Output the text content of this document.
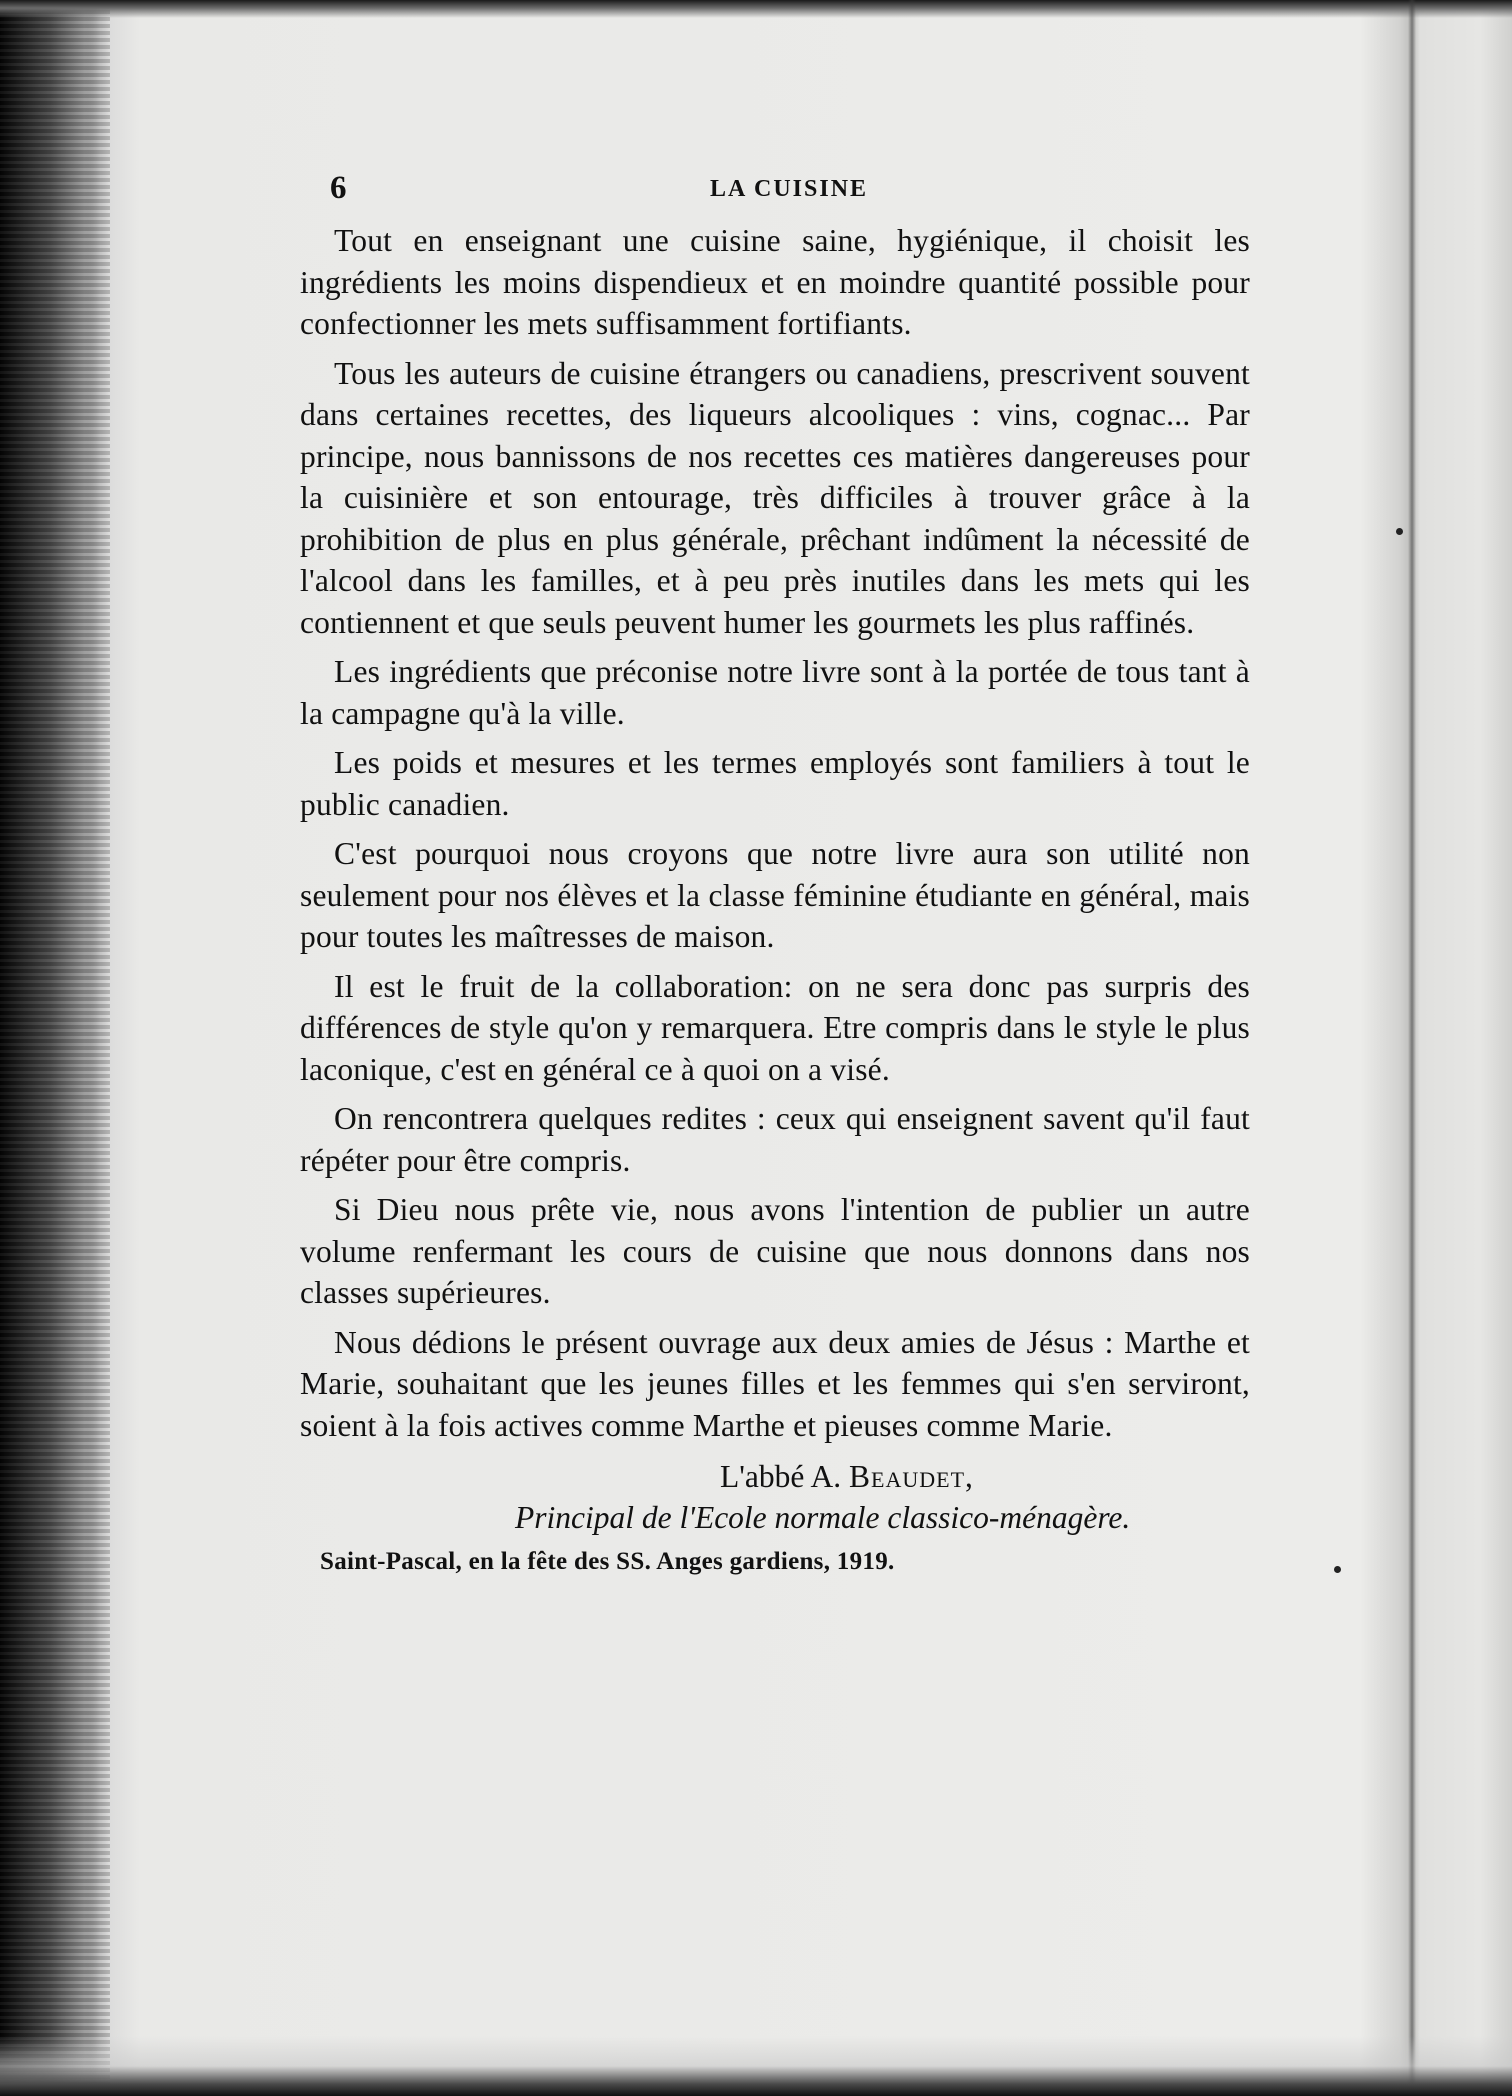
6	LA CUISINE

Tout en enseignant une cuisine saine, hygiénique, il choisit les ingrédients les moins dispendieux et en moindre quantité possible pour confectionner les mets suffisamment fortifiants.

Tous les auteurs de cuisine étrangers ou canadiens, prescrivent souvent dans certaines recettes, des liqueurs alcooliques : vins, cognac... Par principe, nous bannissons de nos recettes ces matières dangereuses pour la cuisinière et son entourage, très difficiles à trouver grâce à la prohibition de plus en plus générale, prêchant indûment la nécessité de l'alcool dans les familles, et à peu près inutiles dans les mets qui les contiennent et que seuls peuvent humer les gourmets les plus raffinés.

Les ingrédients que préconise notre livre sont à la portée de tous tant à la campagne qu'à la ville.

Les poids et mesures et les termes employés sont familiers à tout le public canadien.

C'est pourquoi nous croyons que notre livre aura son utilité non seulement pour nos élèves et la classe féminine étudiante en général, mais pour toutes les maîtresses de maison.

Il est le fruit de la collaboration: on ne sera donc pas surpris des différences de style qu'on y remarquera. Etre compris dans le style le plus laconique, c'est en général ce à quoi on a visé.

On rencontrera quelques redites : ceux qui enseignent savent qu'il faut répéter pour être compris.

Si Dieu nous prête vie, nous avons l'intention de publier un autre volume renfermant les cours de cuisine que nous donnons dans nos classes supérieures.

Nous dédions le présent ouvrage aux deux amies de Jésus : Marthe et Marie, souhaitant que les jeunes filles et les femmes qui s'en serviront, soient à la fois actives comme Marthe et pieuses comme Marie.

L'abbé A. Beaudet,
Principal de l'Ecole normale classico-ménagère.
Saint-Pascal, en la fête des SS. Anges gardiens, 1919.
